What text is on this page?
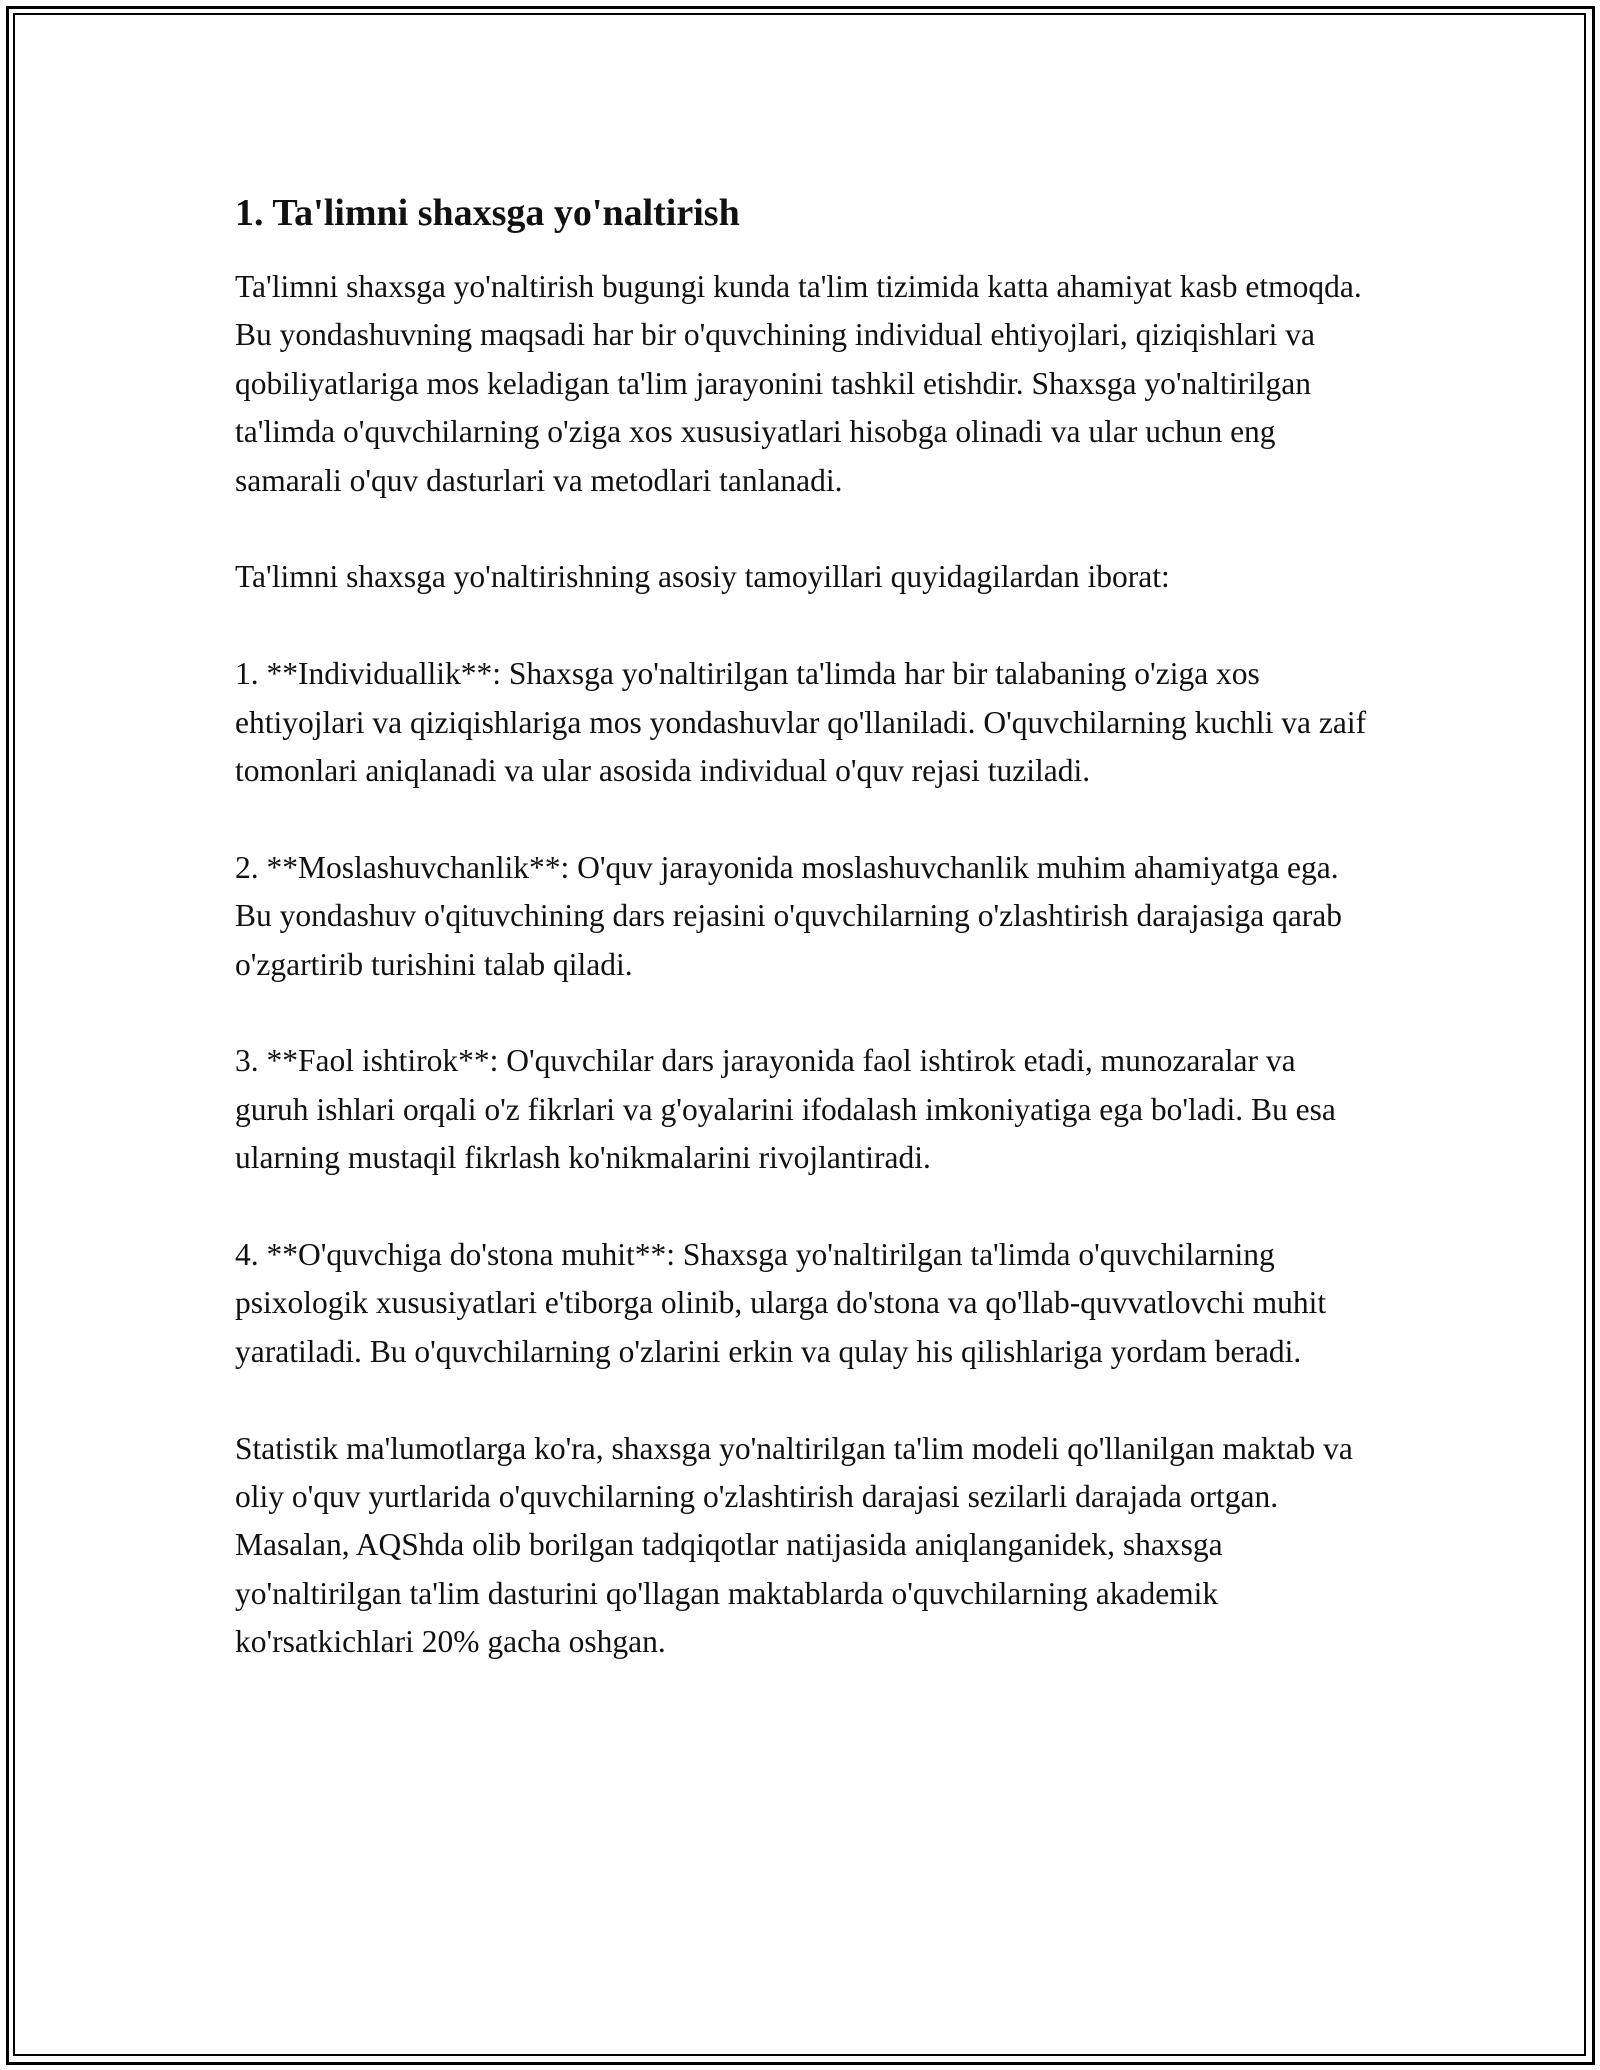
1. Ta'limni shaxsga yo'naltirish

Ta'limni shaxsga yo'naltirish bugungi kunda ta'lim tizimida katta ahamiyat kasb etmoqda. Bu yondashuvning maqsadi har bir o'quvchining individual ehtiyojlari, qiziqishlari va qobiliyatlariga mos keladigan ta'lim jarayonini tashkil etishdir. Shaxsga yo'naltirilgan ta'limda o'quvchilarning o'ziga xos xususiyatlari hisobga olinadi va ular uchun eng samarali o'quv dasturlari va metodlari tanlanadi.

Ta'limni shaxsga yo'naltirishning asosiy tamoyillari quyidagilardan iborat:

1. **Individuallik**: Shaxsga yo'naltirilgan ta'limda har bir talabaning o'ziga xos ehtiyojlari va qiziqishlariga mos yondashuvlar qo'llaniladi. O'quvchilarning kuchli va zaif tomonlari aniqlanadi va ular asosida individual o'quv rejasi tuziladi.

2. **Moslashuvchanlik**: O'quv jarayonida moslashuvchanlik muhim ahamiyatga ega. Bu yondashuv o'qituvchining dars rejasini o'quvchilarning o'zlashtirish darajasiga qarab o'zgartirib turishini talab qiladi.

3. **Faol ishtirok**: O'quvchilar dars jarayonida faol ishtirok etadi, munozaralar va guruh ishlari orqali o'z fikrlari va g'oyalarini ifodalash imkoniyatiga ega bo'ladi. Bu esa ularning mustaqil fikrlash ko'nikmalarini rivojlantiradi.

4. **O'quvchiga do'stona muhit**: Shaxsga yo'naltirilgan ta'limda o'quvchilarning psixologik xususiyatlari e'tiborga olinib, ularga do'stona va qo'llab-quvvatlovchi muhit yaratiladi. Bu o'quvchilarning o'zlarini erkin va qulay his qilishlariga yordam beradi.

Statistik ma'lumotlarga ko'ra, shaxsga yo'naltirilgan ta'lim modeli qo'llanilgan maktab va oliy o'quv yurtlarida o'quvchilarning o'zlashtirish darajasi sezilarli darajada ortgan. Masalan, AQShda olib borilgan tadqiqotlar natijasida aniqlanganidek, shaxsga yo'naltirilgan ta'lim dasturini qo'llagan maktablarda o'quvchilarning akademik ko'rsatkichlari 20% gacha oshgan.
